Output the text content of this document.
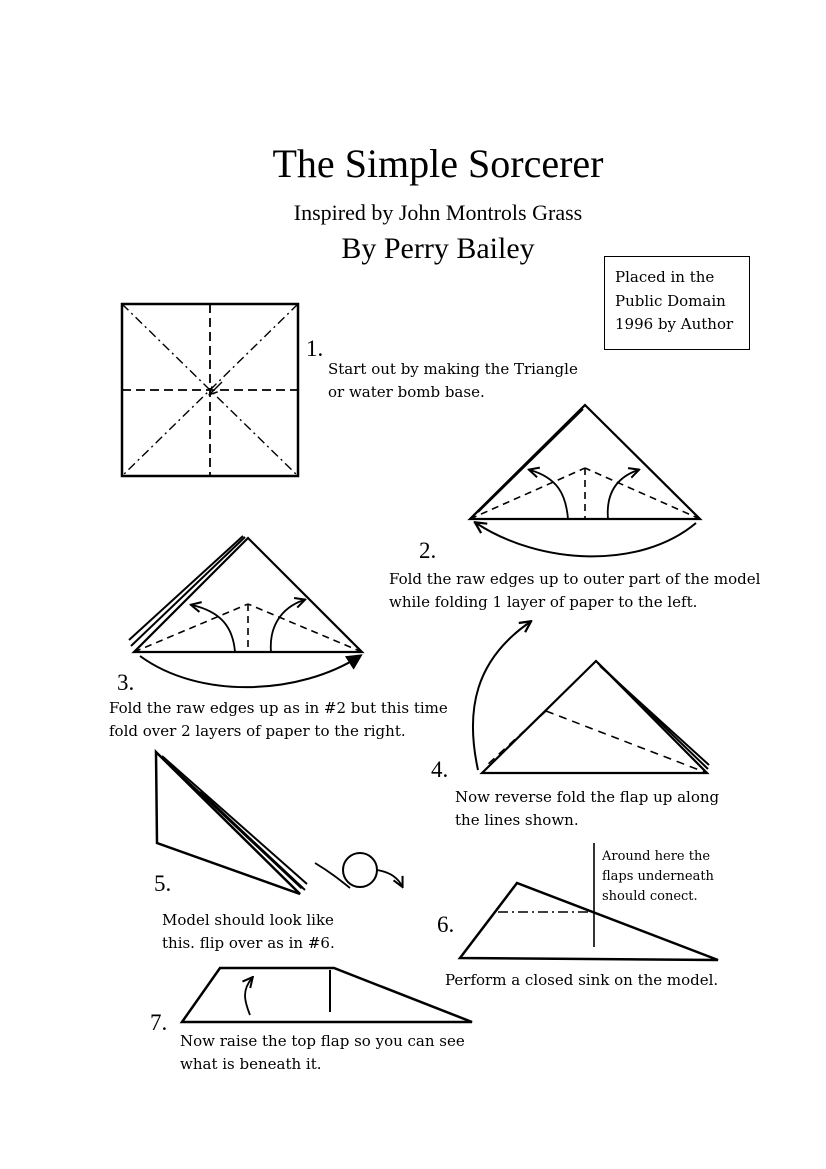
The Simple Sorcerer
Inspired by John Montrols Grass
By Perry Bailey
Placed in the
Public Domain
1996 by Author
1.
Start out by making the Triangle
or water bomb base.
2.
Fold the raw edges up to outer part of the model
while folding 1 layer of paper to the left.
3.
Fold the raw edges up as in #2 but this time
fold over 2 layers of paper to the right.
4.
Now reverse fold the flap up along
the lines shown.
5.
Model should look like
this. flip over as in #6.
6.
Perform a closed sink on the model.
Around here the
flaps underneath
should conect.
7.
Now raise the top flap so you can see
what is beneath it.
